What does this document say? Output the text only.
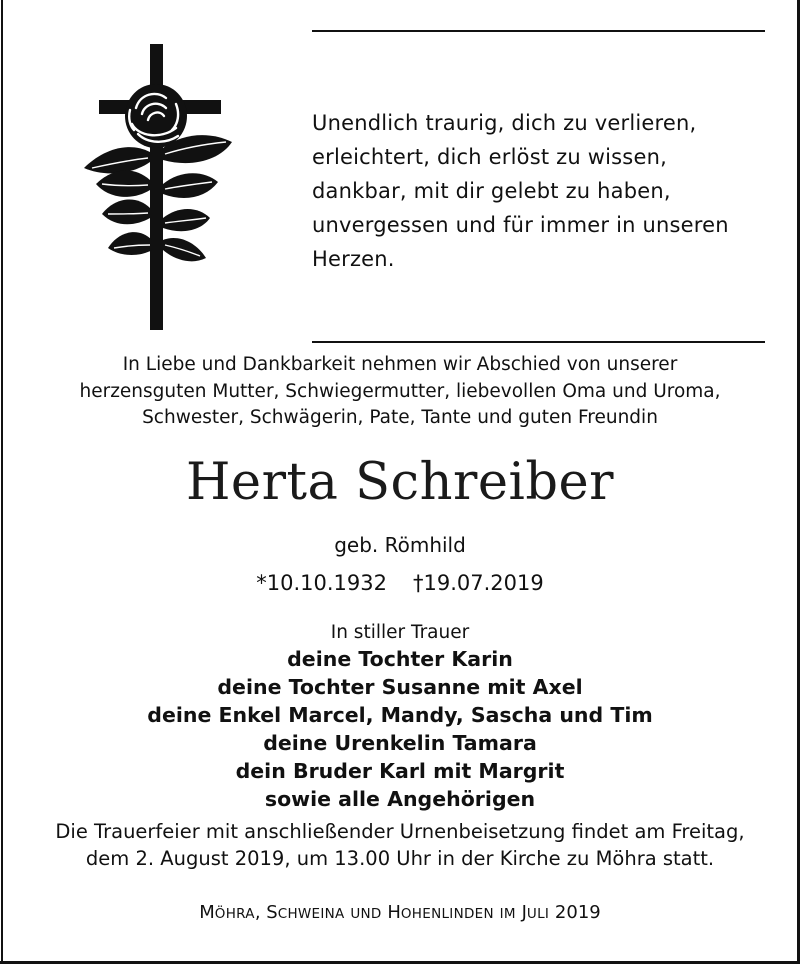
Unendlich traurig, dich zu verlieren,
erleichtert, dich erlöst zu wissen,
dankbar, mit dir gelebt zu haben,
unvergessen und für immer in unseren
Herzen.
In Liebe und Dankbarkeit nehmen wir Abschied von unserer
herzensguten Mutter, Schwiegermutter, liebevollen Oma und Uroma,
Schwester, Schwägerin, Pate, Tante und guten Freundin
Herta Schreiber
geb. Römhild
*10.10.1932 †19.07.2019
In stiller Trauer
deine Tochter Karin
deine Tochter Susanne mit Axel
deine Enkel Marcel, Mandy, Sascha und Tim
deine Urenkelin Tamara
dein Bruder Karl mit Margrit
sowie alle Angehörigen
Die Trauerfeier mit anschließender Urnenbeisetzung findet am Freitag,
dem 2. August 2019, um 13.00 Uhr in der Kirche zu Möhra statt.
MÖHRA, SCHWEINA UND HOHENLINDEN IM JULI 2019
